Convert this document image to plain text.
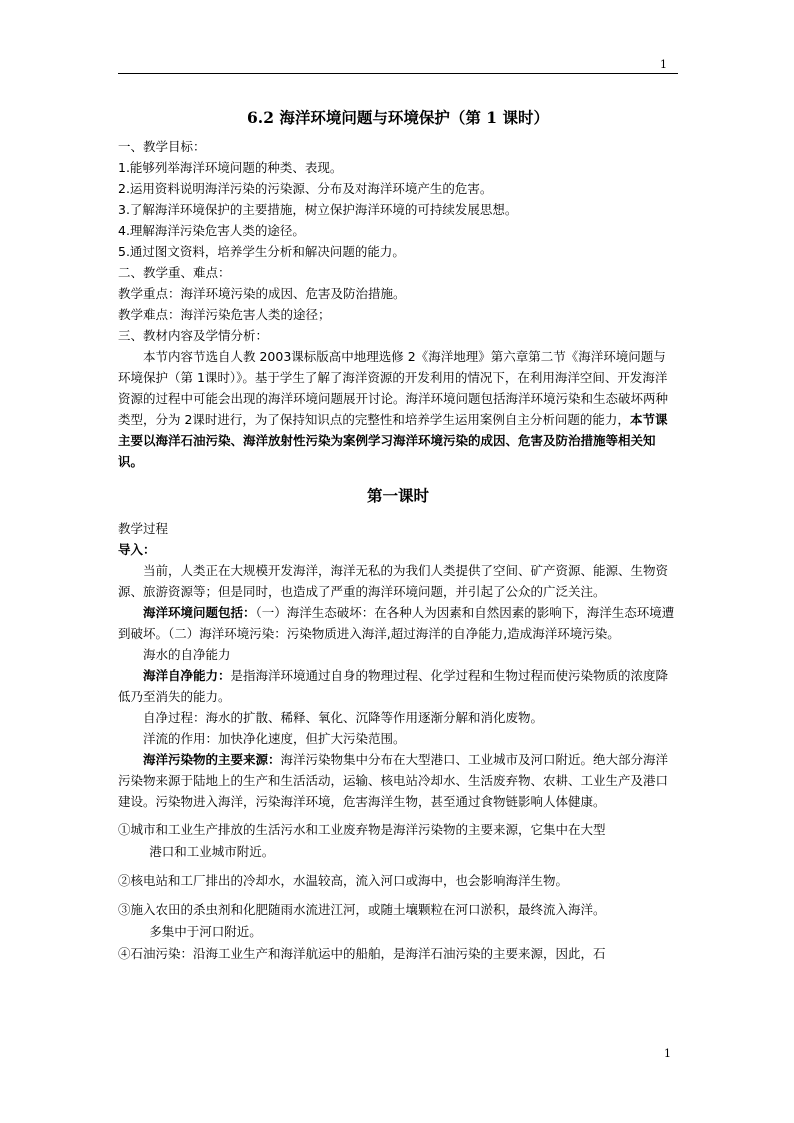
1

6.2 海洋环境问题与环境保护（第 1 课时）

一、教学目标：

1.能够列举海洋环境问题的种类、表现。

2.运用资料说明海洋污染的污染源、分布及对海洋环境产生的危害。

3.了解海洋环境保护的主要措施，树立保护海洋环境的可持续发展思想。

4.理解海洋污染危害人类的途径。

5.通过图文资料，培养学生分析和解决问题的能力。

二、教学重、难点：

教学重点：海洋环境污染的成因、危害及防治措施。

教学难点：海洋污染危害人类的途径；

三、教材内容及学情分析：

本节内容节选自人教 2003课标版高中地理选修 2《海洋地理》第六章第二节《海洋环境问题与环境保护（第 1课时）》。基于学生了解了海洋资源的开发利用的情况下，在利用海洋空间、开发海洋资源的过程中可能会出现的海洋环境问题展开讨论。海洋环境问题包括海洋环境污染和生态破坏两种类型，分为 2课时进行，为了保持知识点的完整性和培养学生运用案例自主分析问题的能力，本节课主要以海洋石油污染、海洋放射性污染为案例学习海洋环境污染的成因、危害及防治措施等相关知识。

第一课时

教学过程

导入：

当前，人类正在大规模开发海洋，海洋无私的为我们人类提供了空间、矿产资源、能源、生物资源、旅游资源等；但是同时，也造成了严重的海洋环境问题，并引起了公众的广泛关注。

海洋环境问题包括：（一）海洋生态破坏：在各种人为因素和自然因素的影响下，海洋生态环境遭到破坏。（二）海洋环境污染：污染物质进入海洋,超过海洋的自净能力,造成海洋环境污染。

海水的自净能力

海洋自净能力：是指海洋环境通过自身的物理过程、化学过程和生物过程而使污染物质的浓度降低乃至消失的能力。

自净过程：海水的扩散、稀释、氧化、沉降等作用逐渐分解和消化废物。

洋流的作用：加快净化速度，但扩大污染范围。

海洋污染物的主要来源：海洋污染物集中分布在大型港口、工业城市及河口附近。绝大部分海洋污染物来源于陆地上的生产和生活活动，运输、核电站冷却水、生活废弃物、农耕、工业生产及港口建设。污染物进入海洋，污染海洋环境，危害海洋生物，甚至通过食物链影响人体健康。

①城市和工业生产排放的生活污水和工业废弃物是海洋污染物的主要来源，它集中在大型

港口和工业城市附近。

②核电站和工厂排出的冷却水，水温较高，流入河口或海中，也会影响海洋生物。

③施入农田的杀虫剂和化肥随雨水流进江河，或随土壤颗粒在河口淤积，最终流入海洋。

多集中于河口附近。

④石油污染：沿海工业生产和海洋航运中的船舶，是海洋石油污染的主要来源，因此，石

1
